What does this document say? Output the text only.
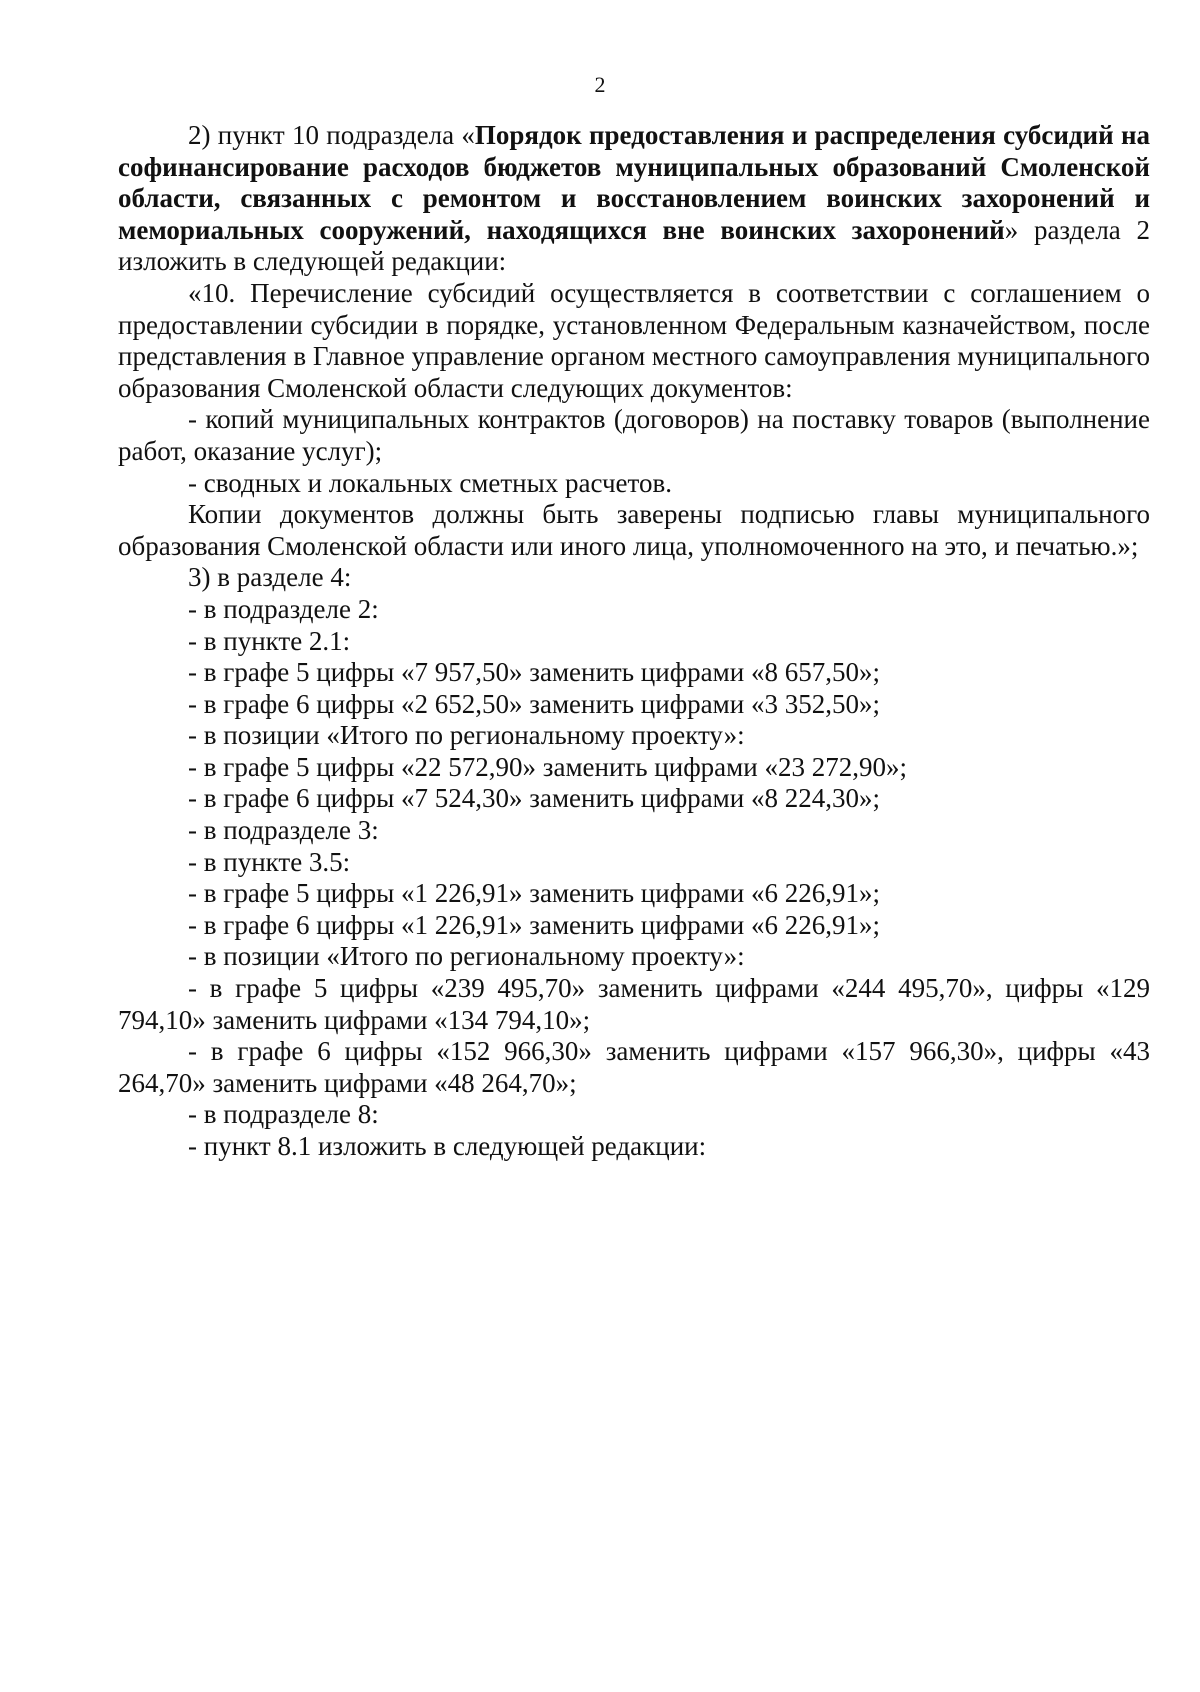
2

2) пункт 10 подраздела «Порядок предоставления и распределения субсидий на софинансирование расходов бюджетов муниципальных образований Смоленской области, связанных с ремонтом и восстановлением воинских захоронений и мемориальных сооружений, находящихся вне воинских захоронений» раздела 2 изложить в следующей редакции:

«10. Перечисление субсидий осуществляется в соответствии с соглашением о предоставлении субсидии в порядке, установленном Федеральным казначейством, после представления в Главное управление органом местного самоуправления муниципального образования Смоленской области следующих документов:

- копий муниципальных контрактов (договоров) на поставку товаров (выполнение работ, оказание услуг);

- сводных и локальных сметных расчетов.

Копии документов должны быть заверены подписью главы муниципального образования Смоленской области или иного лица, уполномоченного на это, и печатью.»;

3) в разделе 4:

- в подразделе 2:

- в пункте 2.1:

- в графе 5 цифры «7 957,50» заменить цифрами «8 657,50»;

- в графе 6 цифры «2 652,50» заменить цифрами «3 352,50»;

- в позиции «Итого по региональному проекту»:

- в графе 5 цифры «22 572,90» заменить цифрами «23 272,90»;

- в графе 6 цифры «7 524,30» заменить цифрами «8 224,30»;

- в подразделе 3:

- в пункте 3.5:

- в графе 5 цифры «1 226,91» заменить цифрами «6 226,91»;

- в графе 6 цифры «1 226,91» заменить цифрами «6 226,91»;

- в позиции «Итого по региональному проекту»:

- в графе 5 цифры «239 495,70» заменить цифрами «244 495,70», цифры «129 794,10» заменить цифрами «134 794,10»;

- в графе 6 цифры «152 966,30» заменить цифрами «157 966,30», цифры «43 264,70» заменить цифрами «48 264,70»;

- в подразделе 8:

- пункт 8.1 изложить в следующей редакции:
